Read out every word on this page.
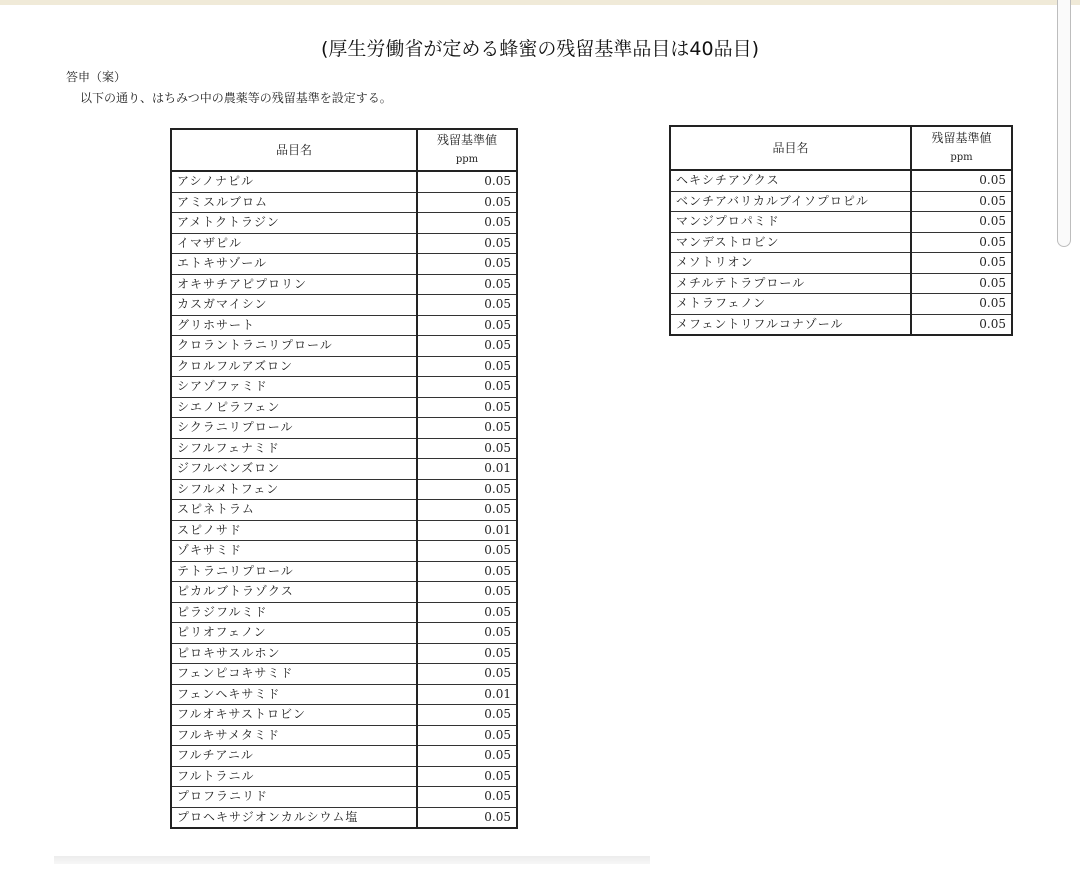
(厚生労働省が定める蜂蜜の残留基準品目は40品目)
答申（案）
以下の通り、はちみつ中の農薬等の残留基準を設定する。
品目名	残留基準値
ppm

アシノナピル	0.05
アミスルブロム	0.05
アメトクトラジン	0.05
イマザピル	0.05
エトキサゾール	0.05
オキサチアピプロリン	0.05
カスガマイシン	0.05
グリホサート	0.05
クロラントラニリプロール	0.05
クロルフルアズロン	0.05
シアゾファミド	0.05
シエノピラフェン	0.05
シクラニリプロール	0.05
シフルフェナミド	0.05
ジフルベンズロン	0.01
シフルメトフェン	0.05
スピネトラム	0.05
スピノサド	0.01
ゾキサミド	0.05
テトラニリプロール	0.05
ピカルブトラゾクス	0.05
ピラジフルミド	0.05
ピリオフェノン	0.05
ピロキサスルホン	0.05
フェンピコキサミド	0.05
フェンヘキサミド	0.01
フルオキサストロビン	0.05
フルキサメタミド	0.05
フルチアニル	0.05
フルトラニル	0.05
プロフラニリド	0.05
プロヘキサジオンカルシウム塩	0.05
品目名	残留基準値
ppm

ヘキシチアゾクス	0.05
ベンチアバリカルブイソプロピル	0.05
マンジプロパミド	0.05
マンデストロビン	0.05
メソトリオン	0.05
メチルテトラプロール	0.05
メトラフェノン	0.05
メフェントリフルコナゾール	0.05
